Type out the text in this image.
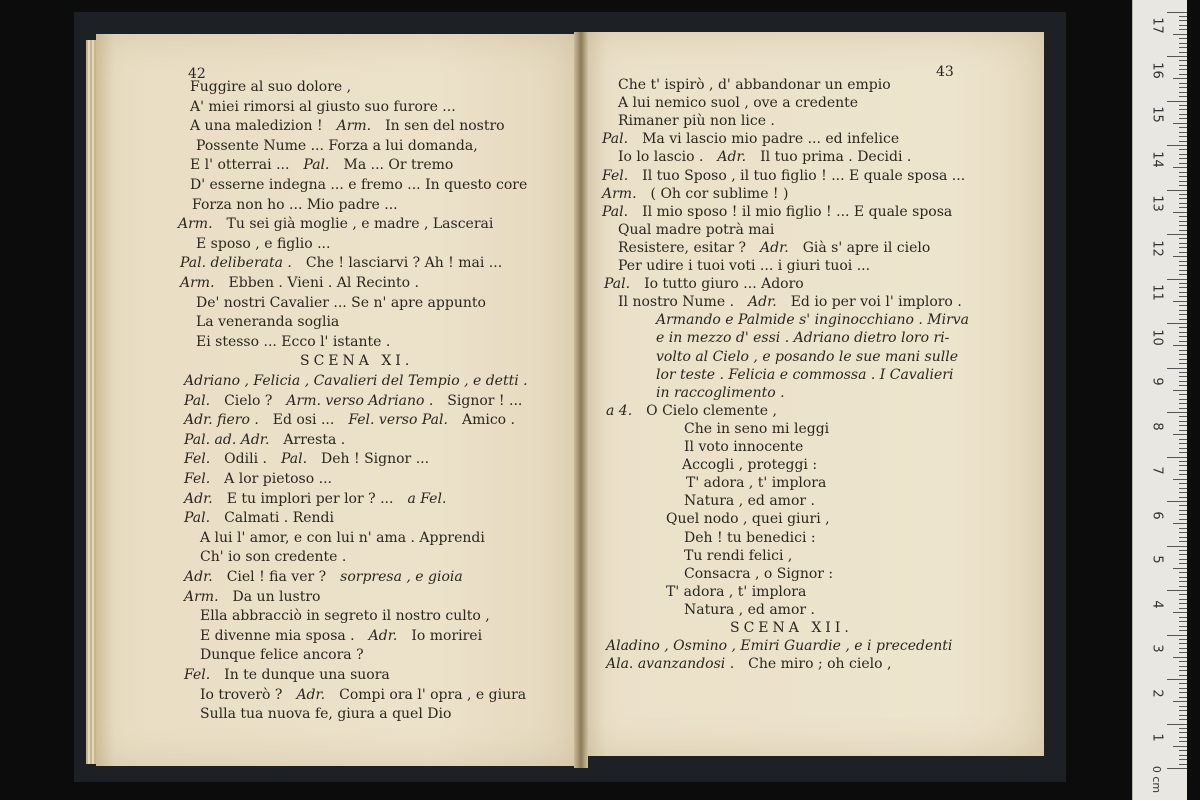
42	43
Fuggire al suo dolore ,
A' miei rimorsi al giusto suo furore ...
A una maledizion !  Arm.  In sen del nostro
Possente Nume ... Forza a lui domanda,
E l' otterrai ...  Pal.  Ma ... Or tremo
D' esserne indegna ... e fremo ... In questo core
Forza non ho ... Mio padre ...
Arm.  Tu sei già moglie , e madre , Lascerai
E sposo , e figlio ...
Pal. deliberata .  Che ! lasciarvi ? Ah ! mai ...
Arm.  Ebben . Vieni . Al Recinto .
De' nostri Cavalier ... Se n' apre appunto
La veneranda soglia
Ei stesso ... Ecco l' istante .
SCENA XI.
Adriano , Felicia , Cavalieri del Tempio , e detti .
Pal.  Cielo ?  Arm. verso Adriano .  Signor ! ...
Adr. fiero .  Ed osi ...  Fel. verso Pal.  Amico .
Pal. ad. Adr.  Arresta .
Fel.  Odili .  Pal.  Deh ! Signor ...
Fel.  A lor pietoso ...
Adr.  E tu implori per lor ? ...  a Fel.
Pal.  Calmati . Rendi
A lui l' amor, e con lui n' ama . Apprendi
Ch' io son credente .
Adr.  Ciel ! fia ver ?  sorpresa , e gioia
Arm.  Da un lustro
Ella abbracciò in segreto il nostro culto ,
E divenne mia sposa .  Adr.  Io morirei
Dunque felice ancora ?
Fel.  In te dunque una suora
Io troverò ?  Adr.  Compi ora l' opra , e giura
Sulla tua nuova fe, giura a quel Dio
Che t' ispirò , d' abbandonar un empio
A lui nemico suol , ove a credente
Rimaner più non lice .
Pal.  Ma vi lascio mio padre ... ed infelice
Io lo lascio .  Adr.  Il tuo prima . Decidi .
Fel.  Il tuo Sposo , il tuo figlio ! ... E quale sposa ...
Arm.  ( Oh cor sublime ! )
Pal.  Il mio sposo ! il mio figlio ! ... E quale sposa
Qual madre potrà mai
Resistere, esitar ?  Adr.  Già s' apre il cielo
Per udire i tuoi voti ... i giuri tuoi ...
Pal.  Io tutto giuro ... Adoro
Il nostro Nume .  Adr.  Ed io per voi l' imploro .
Armando e Palmide s' inginocchiano . Mirva
e in mezzo d' essi . Adriano dietro loro ri-
volto al Cielo , e posando le sue mani sulle
lor teste . Felicia e commossa . I Cavalieri
in raccoglimento .
a 4.  O Cielo clemente ,
Che in seno mi leggi
Il voto innocente
Accogli , proteggi :
T' adora , t' implora
Natura , ed amor .
Quel nodo , quei giuri ,
Deh ! tu benedici :
Tu rendi felici ,
Consacra , o Signor :
T' adora , t' implora
Natura , ed amor .
SCENA XII.
Aladino , Osmino , Emiri Guardie , e i precedenti
Ala. avanzandosi .  Che miro ; oh cielo ,
0 cm
17
16
15
14
13
12
11
10
9
8
7
6
5
4
3
2
1
